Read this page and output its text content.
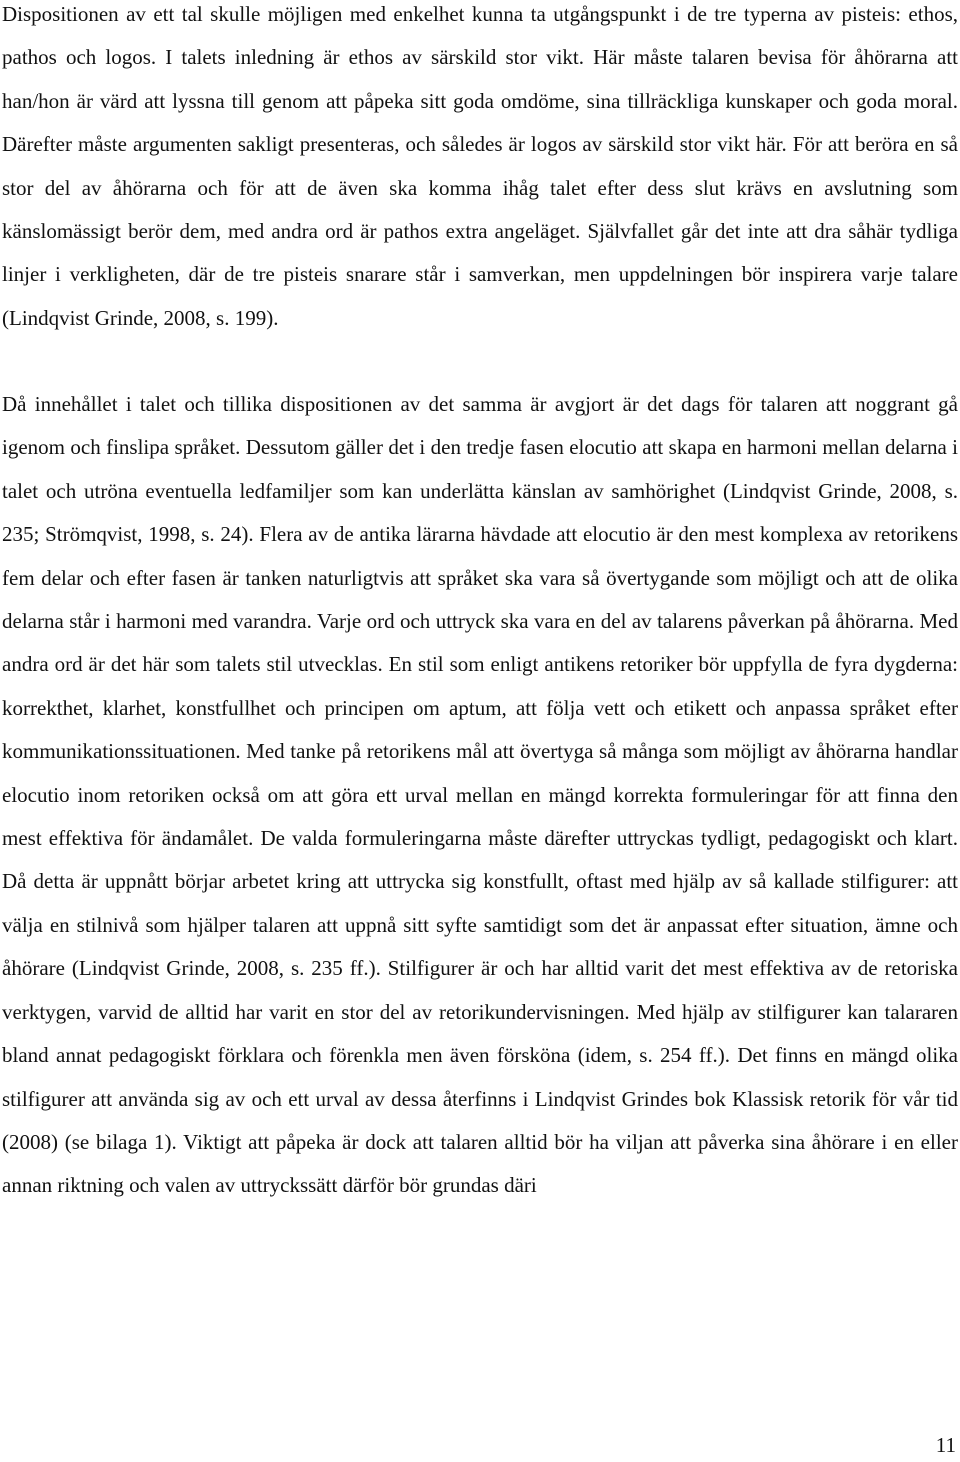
Dispositionen av ett tal skulle möjligen med enkelhet kunna ta utgångspunkt i de tre typerna av pisteis: ethos, pathos och logos. I talets inledning är ethos av särskild stor vikt. Här måste talaren bevisa för åhörarna att han/hon är värd att lyssna till genom att påpeka sitt goda omdöme, sina tillräckliga kunskaper och goda moral. Därefter måste argumenten sakligt presenteras, och således är logos av särskild stor vikt här. För att beröra en så stor del av åhörarna och för att de även ska komma ihåg talet efter dess slut krävs en avslutning som känslomässigt berör dem, med andra ord är pathos extra angeläget. Självfallet går det inte att dra såhär tydliga linjer i verkligheten, där de tre pisteis snarare står i samverkan, men uppdelningen bör inspirera varje talare (Lindqvist Grinde, 2008, s. 199).

Då innehållet i talet och tillika dispositionen av det samma är avgjort är det dags för talaren att noggrant gå igenom och finslipa språket. Dessutom gäller det i den tredje fasen elocutio att skapa en harmoni mellan delarna i talet och utröna eventuella ledfamiljer som kan underlätta känslan av samhörighet (Lindqvist Grinde, 2008, s. 235; Strömqvist, 1998, s. 24). Flera av de antika lärarna hävdade att elocutio är den mest komplexa av retorikens fem delar och efter fasen är tanken naturligtvis att språket ska vara så övertygande som möjligt och att de olika delarna står i harmoni med varandra. Varje ord och uttryck ska vara en del av talarens påverkan på åhörarna. Med andra ord är det här som talets stil utvecklas. En stil som enligt antikens retoriker bör uppfylla de fyra dygderna: korrekthet, klarhet, konstfullhet och principen om aptum, att följa vett och etikett och anpassa språket efter kommunikationssituationen. Med tanke på retorikens mål att övertyga så många som möjligt av åhörarna handlar elocutio inom retoriken också om att göra ett urval mellan en mängd korrekta formuleringar för att finna den mest effektiva för ändamålet. De valda formuleringarna måste därefter uttryckas tydligt, pedagogiskt och klart. Då detta är uppnått börjar arbetet kring att uttrycka sig konstfullt, oftast med hjälp av så kallade stilfigurer: att välja en stilnivå som hjälper talaren att uppnå sitt syfte samtidigt som det är anpassat efter situation, ämne och åhörare (Lindqvist Grinde, 2008, s. 235 ff.). Stilfigurer är och har alltid varit det mest effektiva av de retoriska verktygen, varvid de alltid har varit en stor del av retorikundervisningen. Med hjälp av stilfigurer kan talararen bland annat pedagogiskt förklara och förenkla men även försköna (idem, s. 254 ff.). Det finns en mängd olika stilfigurer att använda sig av och ett urval av dessa återfinns i Lindqvist Grindes bok Klassisk retorik för vår tid (2008) (se bilaga 1). Viktigt att påpeka är dock att talaren alltid bör ha viljan att påverka sina åhörare i en eller annan riktning och valen av uttryckssätt därför bör grundas däri

11
